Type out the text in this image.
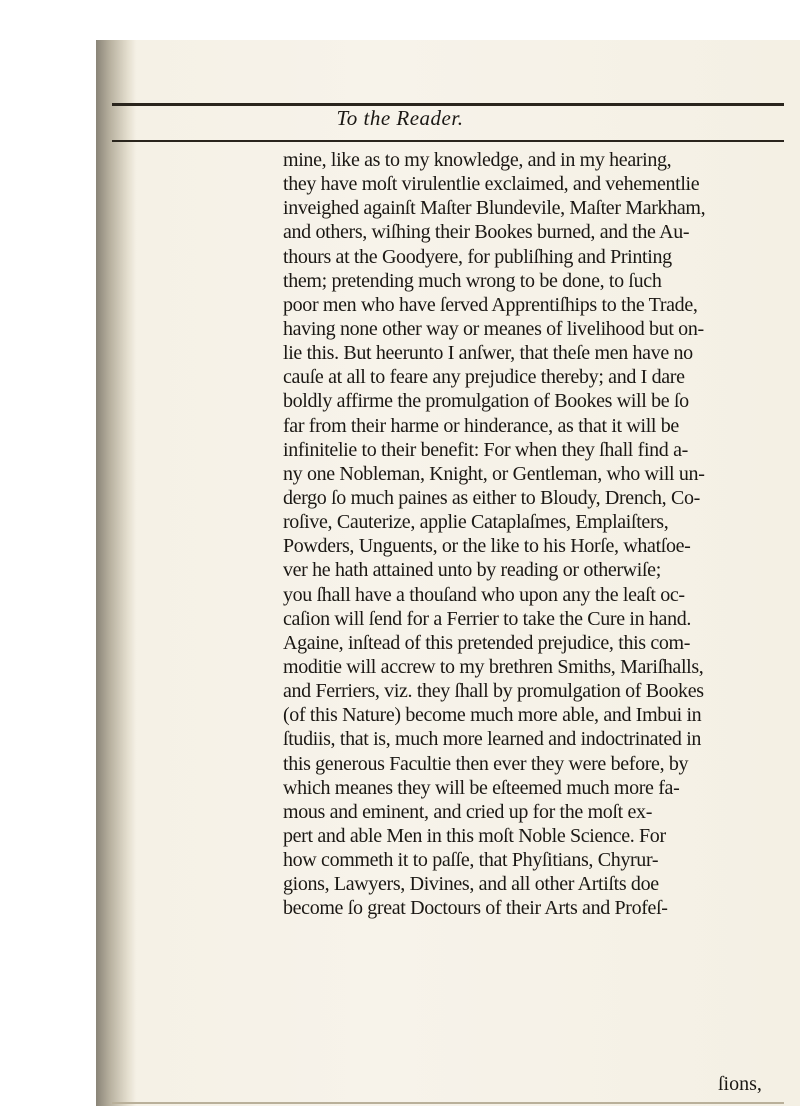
To the Reader.
mine, like as to my knowledge, and in my hearing,
they have moſt virulentlie exclaimed, and vehementlie
inveighed againſt Maſter Blundevile, Maſter Markham,
and others, wiſhing their Bookes burned, and the Au-
thours at the Goodyere, for publiſhing and Printing
them; pretending much wrong to be done, to ſuch
poor men who have ſerved Apprentiſhips to the Trade,
having none other way or meanes of livelihood but on-
lie this. But heerunto I anſwer, that theſe men have no
cauſe at all to feare any prejudice thereby; and I dare
boldly affirme the promulgation of Bookes will be ſo
far from their harme or hinderance, as that it will be
infinitelie to their benefit: For when they ſhall find a-
ny one Nobleman, Knight, or Gentleman, who will un-
dergo ſo much paines as either to Bloudy, Drench, Co-
roſive, Cauterize, applie Cataplaſmes, Emplaiſters,
Powders, Unguents, or the like to his Horſe, whatſoe-
ver he hath attained unto by reading or otherwiſe;
you ſhall have a thouſand who upon any the leaſt oc-
caſion will ſend for a Ferrier to take the Cure in hand.
Againe, inſtead of this pretended prejudice, this com-
moditie will accrew to my brethren Smiths, Mariſhalls,
and Ferriers, viz. they ſhall by promulgation of Bookes
(of this Nature) become much more able, and Imbui in
ſtudiis, that is, much more learned and indoctrinated in
this generous Facultie then ever they were before, by
which meanes they will be eſteemed much more fa-
mous and eminent, and cried up for the moſt ex-
pert and able Men in this moſt Noble Science. For
how commeth it to paſſe, that Phyſitians, Chyrur-
gions, Lawyers, Divines, and all other Artiſts doe
become ſo great Doctours of their Arts and Profeſ-
ſions,
